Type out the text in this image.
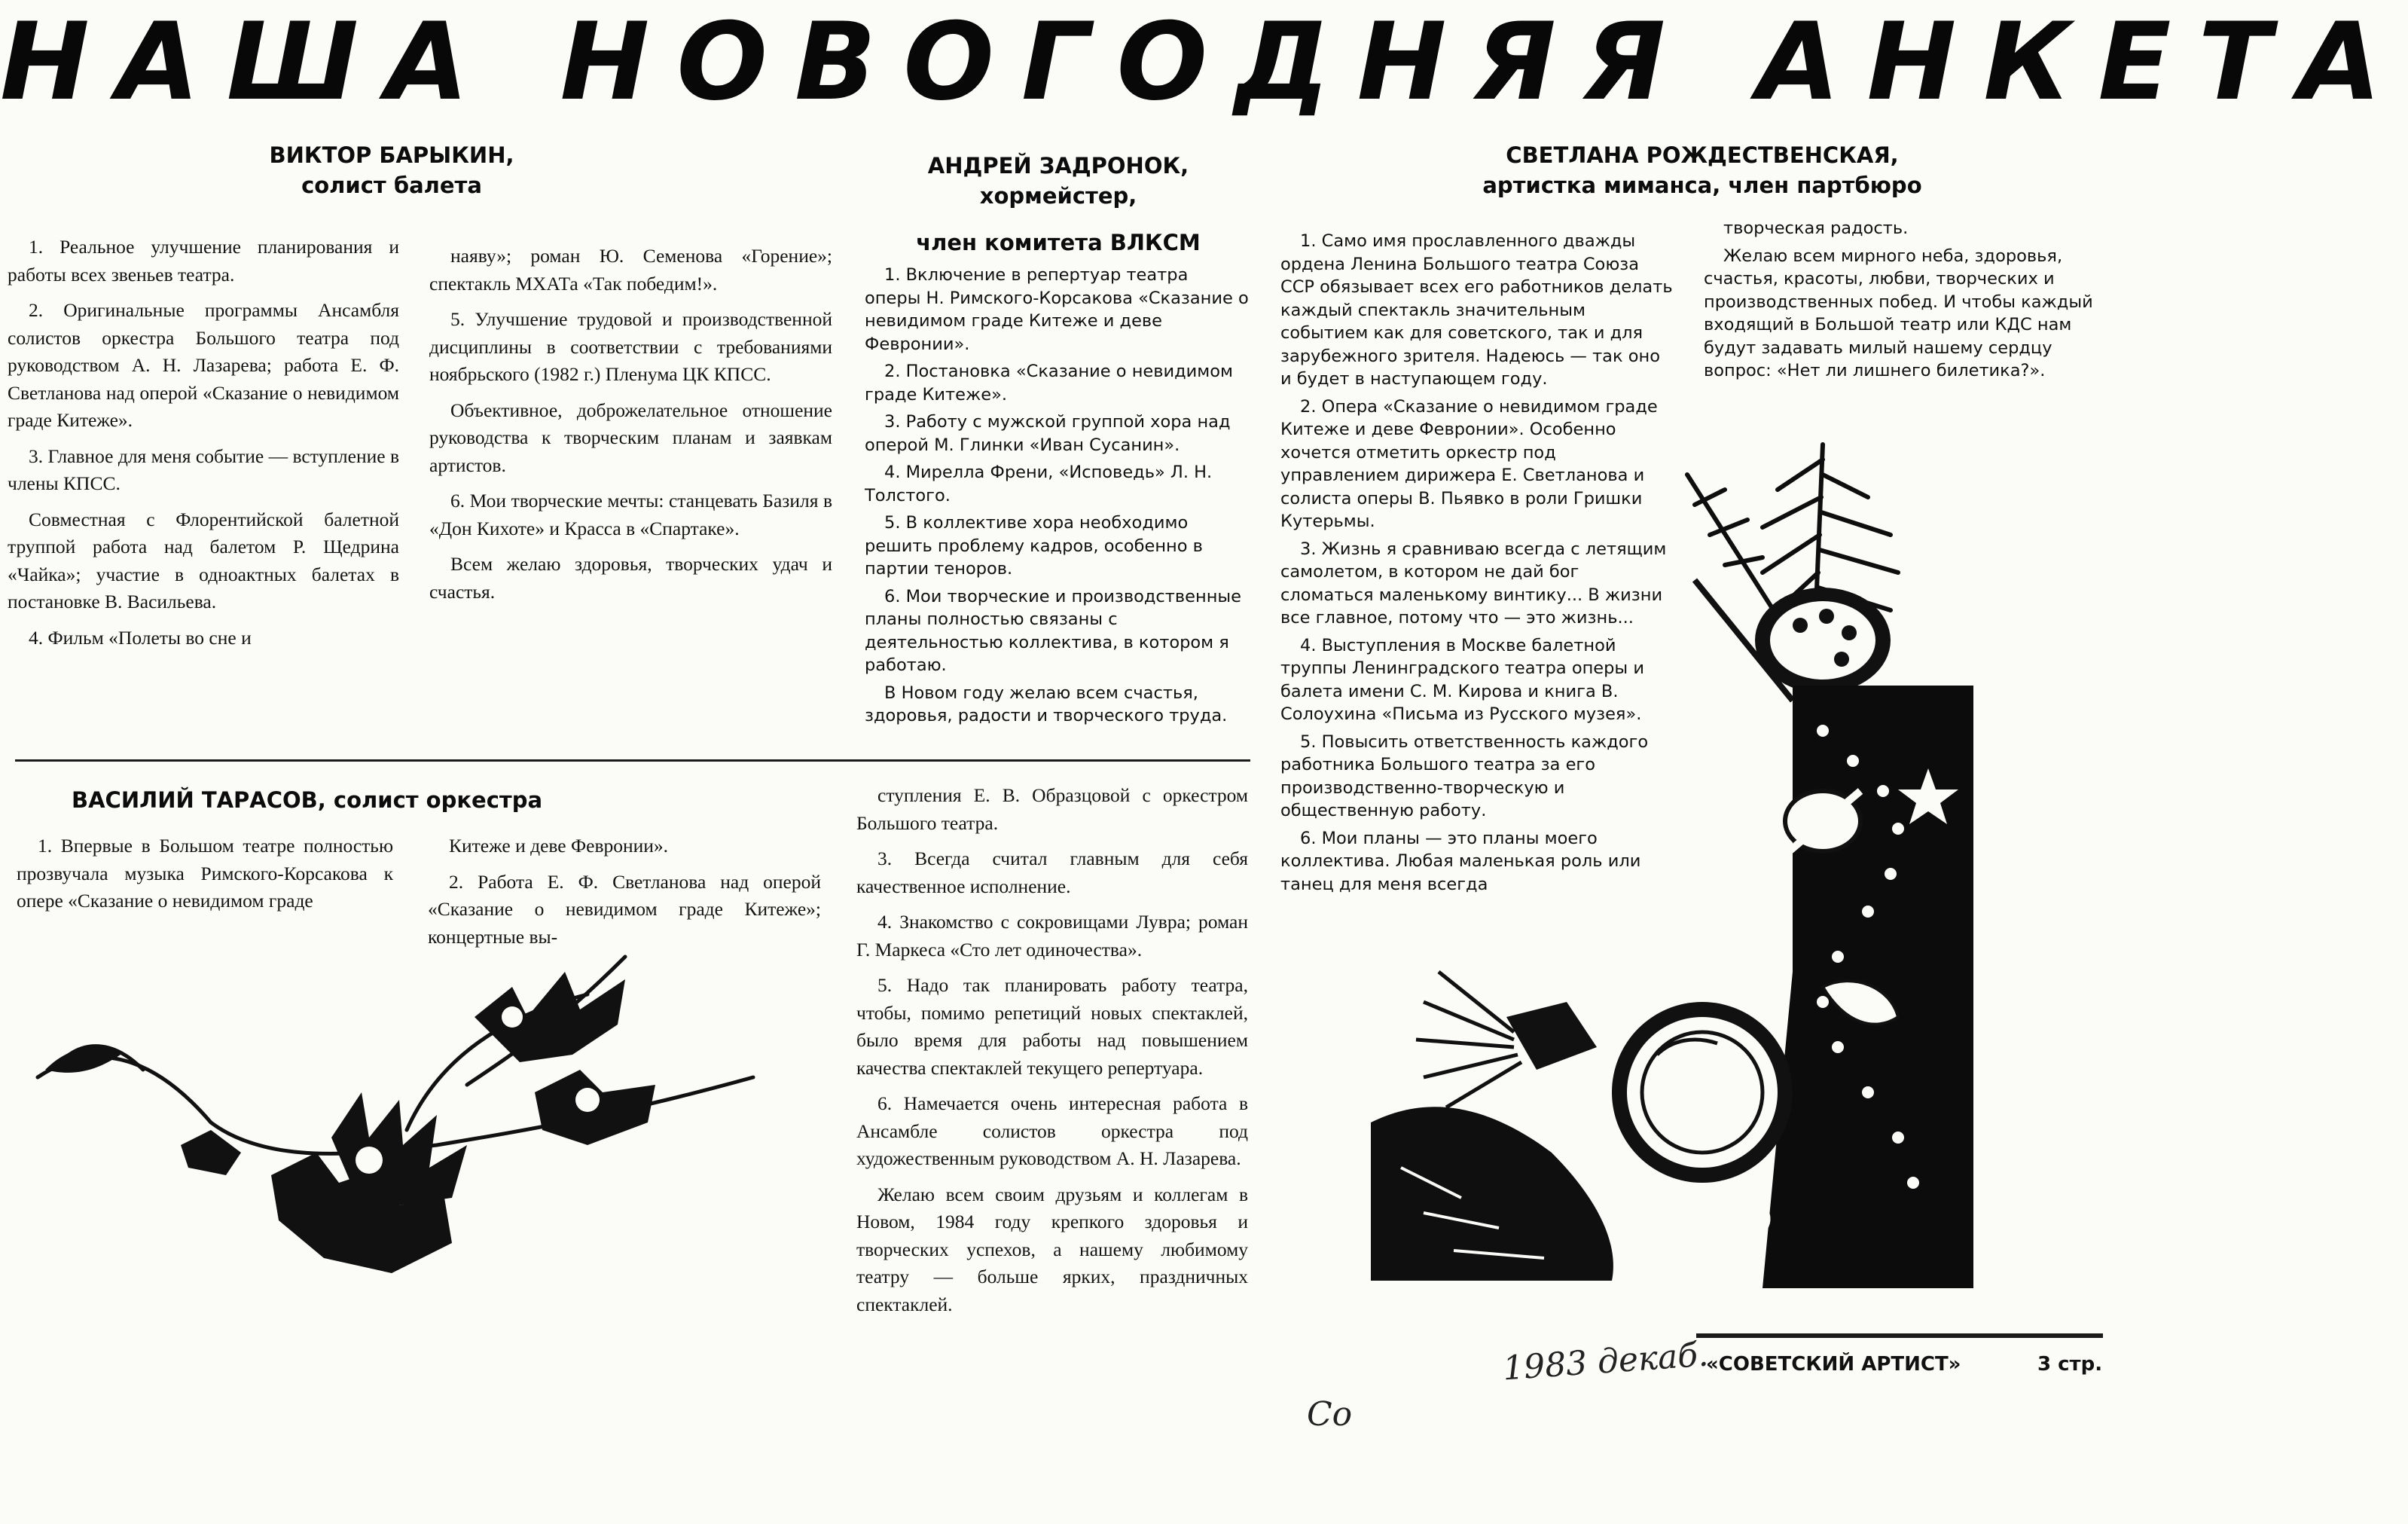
НАША НОВОГОДНЯЯ АНКЕТА
ВИКТОР БАРЫКИН,
солист балета

1. Реальное улучшение планирования и работы всех звеньев театра.

2. Оригинальные программы Ансамбля солистов оркестра Большого театра под руководством А. Н. Лазарева; работа Е. Ф. Светланова над оперой «Сказание о невидимом граде Китеже».

3. Главное для меня событие — вступление в члены КПСС.

Совместная с Флорентийской балетной труппой работа над балетом Р. Щедрина «Чайка»; участие в одноактных балетах в постановке В. Васильева.

4. Фильм «Полеты во сне и

наяву»; роман Ю. Семенова «Горение»; спектакль МХАТа «Так победим!».

5. Улучшение трудовой и производственной дисциплины в соответствии с требованиями ноябрьского (1982 г.) Пленума ЦК КПСС.

Объективное, доброжелательное отношение руководства к творческим планам и заявкам артистов.

6. Мои творческие мечты: станцевать Базиля в «Дон Кихоте» и Красса в «Спартаке».

Всем желаю здоровья, творческих удач и счастья.

АНДРЕЙ ЗАДРОНОК,
хормейстер,
член комитета ВЛКСМ

1. Включение в репертуар театра оперы Н. Римского-Корсакова «Сказание о невидимом граде Китеже и деве Февронии».

2. Постановка «Сказание о невидимом граде Китеже».

3. Работу с мужской группой хора над оперой М. Глинки «Иван Сусанин».

4. Мирелла Френи, «Исповедь» Л. Н. Толстого.

5. В коллективе хора необходимо решить проблему кадров, особенно в партии теноров.

6. Мои творческие и производственные планы полностью связаны с деятельностью коллектива, в котором я работаю.

В Новом году желаю всем счастья, здоровья, радости и творческого труда.

СВЕТЛАНА РОЖДЕСТВЕНСКАЯ,
артистка миманса, член партбюро

1. Само имя прославленного дважды ордена Ленина Большого театра Союза ССР обязывает всех его работников делать каждый спектакль значительным событием как для советского, так и для зарубежного зрителя. Надеюсь — так оно и будет в наступающем году.

2. Опера «Сказание о невидимом граде Китеже и деве Февронии». Особенно хочется отметить оркестр под управлением дирижера Е. Светланова и солиста оперы В. Пьявко в роли Гришки Кутерьмы.

3. Жизнь я сравниваю всегда с летящим самолетом, в котором не дай бог сломаться маленькому винтику... В жизни все главное, потому что — это жизнь...

4. Выступления в Москве балетной труппы Ленинградского театра оперы и балета имени С. М. Кирова и книга В. Солоухина «Письма из Русского музея».

5. Повысить ответственность каждого работника Большого театра за его производственно-творческую и общественную работу.

6. Мои планы — это планы моего коллектива. Любая маленькая роль или танец для меня всегда

творческая радость.

Желаю всем мирного неба, здоровья, счастья, красоты, любви, творческих и производственных побед. И чтобы каждый входящий в Большой театр или КДС нам будут задавать милый нашему сердцу вопрос: «Нет ли лишнего билетика?».

ВАСИЛИЙ ТАРАСОВ, солист оркестра

1. Впервые в Большом театре полностью прозвучала музыка Римского-Корсакова к опере «Сказание о невидимом граде

Китеже и деве Февронии».

2. Работа Е. Ф. Светланова над оперой «Сказание о невидимом граде Китеже»; концертные вы-

ступления Е. В. Образцовой с оркестром Большого театра.

3. Всегда считал главным для себя качественное исполнение.

4. Знакомство с сокровищами Лувра; роман Г. Маркеса «Сто лет одиночества».

5. Надо так планировать работу театра, чтобы, помимо репетиций новых спектаклей, было время для работы над повышением качества спектаклей текущего репертуара.

6. Намечается очень интересная работа в Ансамбле солистов оркестра под художественным руководством А. Н. Лазарева.

Желаю всем своим друзьям и коллегам в Новом, 1984 году крепкого здоровья и творческих успехов, а нашему любимому театру — больше ярких, праздничных спектаклей.

«СОВЕТСКИЙ АРТИСТ»	3 стр.
1983 декаб.
Со
